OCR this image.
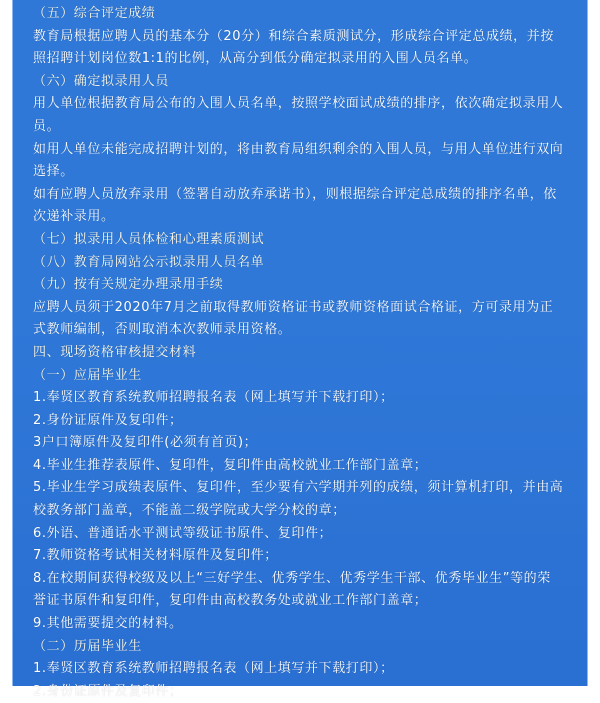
（五）综合评定成绩
教育局根据应聘人员的基本分（20分）和综合素质测试分，形成综合评定总成绩，并按
照招聘计划岗位数1:1的比例，从高分到低分确定拟录用的入围人员名单。
（六）确定拟录用人员
用人单位根据教育局公布的入围人员名单，按照学校面试成绩的排序，依次确定拟录用人
员。
如用人单位未能完成招聘计划的，将由教育局组织剩余的入围人员，与用人单位进行双向
选择。
如有应聘人员放弃录用（签署自动放弃承诺书），则根据综合评定总成绩的排序名单，依
次递补录用。
（七）拟录用人员体检和心理素质测试
（八）教育局网站公示拟录用人员名单
（九）按有关规定办理录用手续
应聘人员须于2020年7月之前取得教师资格证书或教师资格面试合格证，方可录用为正
式教师编制，否则取消本次教师录用资格。
四、现场资格审核提交材料
（一）应届毕业生
1.奉贤区教育系统教师招聘报名表（网上填写并下载打印）；
2.身份证原件及复印件；
3户口簿原件及复印件(必须有首页)；
4.毕业生推荐表原件、复印件，复印件由高校就业工作部门盖章；
5.毕业生学习成绩表原件、复印件，至少要有六学期并列的成绩，须计算机打印，并由高
校教务部门盖章，不能盖二级学院或大学分校的章；
6.外语、普通话水平测试等级证书原件、复印件；
7.教师资格考试相关材料原件及复印件；
8.在校期间获得校级及以上“三好学生、优秀学生、优秀学生干部、优秀毕业生”等的荣
誉证书原件和复印件，复印件由高校教务处或就业工作部门盖章；
9.其他需要提交的材料。
（二）历届毕业生
1.奉贤区教育系统教师招聘报名表（网上填写并下载打印）；
2.身份证原件及复印件；
